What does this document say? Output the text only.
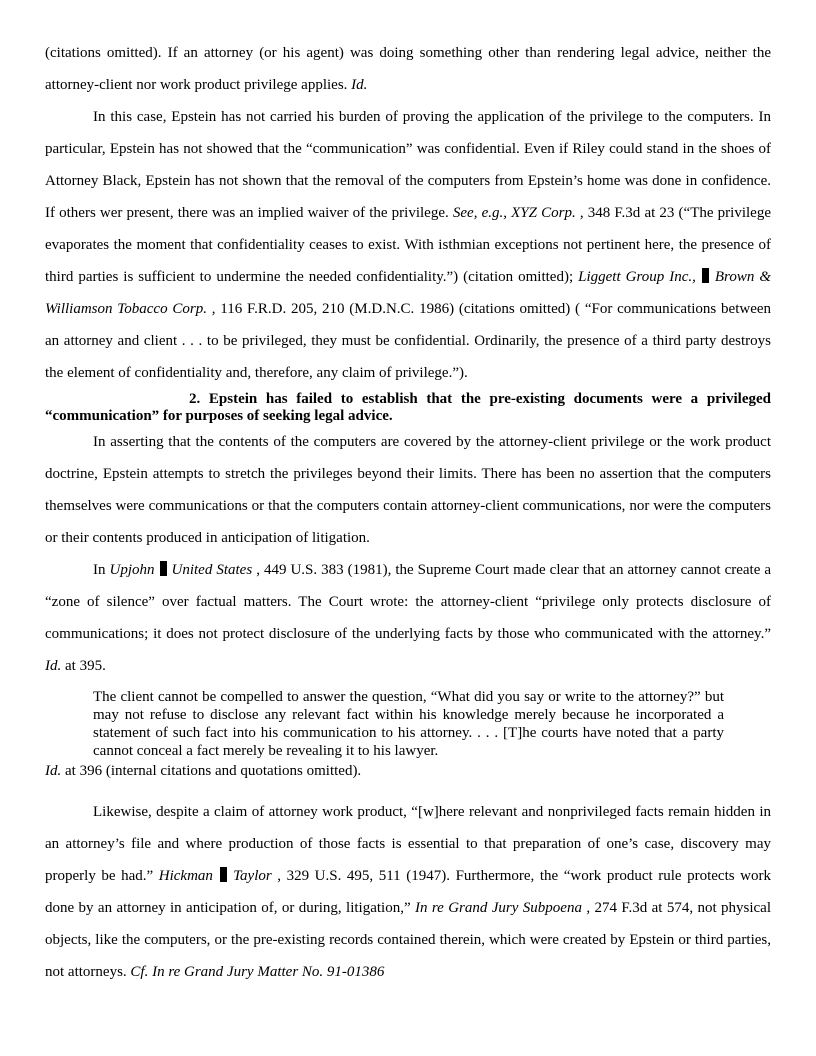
(citations omitted). If an attorney (or his agent) was doing something other than rendering legal advice, neither the attorney-client nor work product privilege applies. Id.

In this case, Epstein has not carried his burden of proving the application of the privilege to the computers. In particular, Epstein has not showed that the “communication” was confidential. Even if Riley could stand in the shoes of Attorney Black, Epstein has not shown that the removal of the computers from Epstein’s home was done in confidence. If others wer present, there was an implied waiver of the privilege. See, e.g., XYZ Corp. , 348 F.3d at 23 (“The privilege evaporates the moment that confidentiality ceases to exist. With isthmian exceptions not pertinent here, the presence of third parties is sufficient to undermine the needed confidentiality.”) (citation omitted); Liggett Group Inc.,  Brown & Williamson Tobacco Corp. , 116 F.R.D. 205, 210 (M.D.N.C. 1986) (citations omitted) ( “For communications between an attorney and client . . . to be privileged, they must be confidential. Ordinarily, the presence of a third party destroys the element of confidentiality and, therefore, any claim of privilege.”).

2. Epstein has failed to establish that the pre-existing documents were a privileged “communication” for purposes of seeking legal advice.

In asserting that the contents of the computers are covered by the attorney-client privilege or the work product doctrine, Epstein attempts to stretch the privileges beyond their limits. There has been no assertion that the computers themselves were communications or that the computers contain attorney-client communications, nor were the computers or their contents produced in anticipation of litigation.

In Upjohn  United States , 449 U.S. 383 (1981), the Supreme Court made clear that an attorney cannot create a “zone of silence” over factual matters. The Court wrote: the attorney-client “privilege only protects disclosure of communications; it does not protect disclosure of the underlying facts by those who communicated with the attorney.” Id. at 395.

The client cannot be compelled to answer the question, “What did you say or write to the attorney?” but may not refuse to disclose any relevant fact within his knowledge merely because he incorporated a statement of such fact into his communication to his attorney. . . . [T]he courts have noted that a party cannot conceal a fact merely be revealing it to his lawyer.

Id. at 396 (internal citations and quotations omitted).

Likewise, despite a claim of attorney work product, “[w]here relevant and nonprivileged facts remain hidden in an attorney’s file and where production of those facts is essential to that preparation of one’s case, discovery may properly be had.” Hickman  Taylor , 329 U.S. 495, 511 (1947). Furthermore, the “work product rule protects work done by an attorney in anticipation of, or during, litigation,” In re Grand Jury Subpoena , 274 F.3d at 574, not physical objects, like the computers, or the pre-existing records contained therein, which were created by Epstein or third parties, not attorneys. Cf. In re Grand Jury Matter No. 91-01386
